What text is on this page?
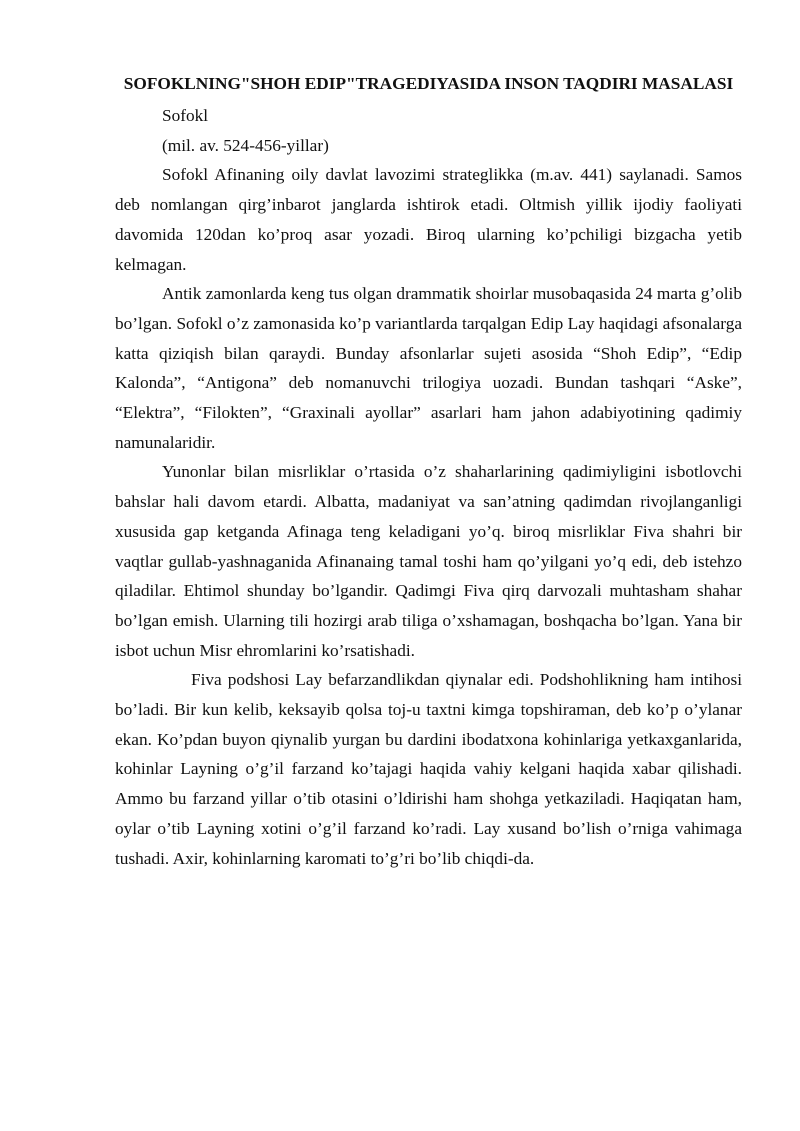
SOFOKLNING"SHOH EDIP"TRAGEDIYASIDA INSON TAQDIRI MASALASI

Sofokl

(mil. av. 524-456-yillar)

Sofokl Afinaning oily davlat lavozimi strateglikka (m.av. 441) saylanadi. Samos deb nomlangan qirg’inbarot janglarda ishtirok etadi. Oltmish yillik ijodiy faoliyati davomida 120dan ko’proq asar yozadi. Biroq ularning ko’pchiligi bizgacha yetib kelmagan.

Antik zamonlarda keng tus olgan drammatik shoirlar musobaqasida 24 marta g’olib bo’lgan. Sofokl o’z zamonasida ko’p variantlarda tarqalgan Edip Lay haqidagi afsonalarga katta qiziqish bilan qaraydi. Bunday afsonlarlar sujeti asosida “Shoh Edip”, “Edip Kalonda”, “Antigona” deb nomanuvchi trilogiya uozadi. Bundan tashqari “Aske”, “Elektra”, “Filokten”, “Graxinali ayollar” asarlari ham jahon adabiyotining qadimiy namunalaridir.

Yunonlar bilan misrliklar o’rtasida o’z shaharlarining qadimiyligini isbotlovchi bahslar hali davom etardi. Albatta, madaniyat va san’atning qadimdan rivojlanganligi xususida gap ketganda Afinaga teng keladigani yo’q. biroq misrliklar Fiva shahri bir vaqtlar gullab-yashnaganida Afinanaing tamal toshi ham qo’yilgani yo’q edi, deb istehzo qiladilar. Ehtimol shunday bo’lgandir. Qadimgi Fiva qirq darvozali muhtasham shahar bo’lgan emish. Ularning tili hozirgi arab tiliga o’xshamagan, boshqacha bo’lgan. Yana bir isbot uchun Misr ehromlarini ko’rsatishadi.

Fiva podshosi Lay befarzandlikdan qiynalar edi. Podshohlikning ham intihosi bo’ladi. Bir kun kelib, keksayib qolsa toj-u taxtni kimga topshiraman, deb ko’p o’ylanar ekan. Ko’pdan buyon qiynalib yurgan bu dardini ibodatxona kohinlariga yetkaxganlarida, kohinlar Layning o’g’il farzand ko’tajagi haqida vahiy kelgani haqida xabar qilishadi. Ammo bu farzand yillar o’tib otasini o’ldirishi ham shohga yetkaziladi. Haqiqatan ham, oylar o’tib Layning xotini o’g’il farzand ko’radi. Lay xusand bo’lish o’rniga vahimaga tushadi. Axir, kohinlarning karomati to’g’ri bo’lib chiqdi-da.
